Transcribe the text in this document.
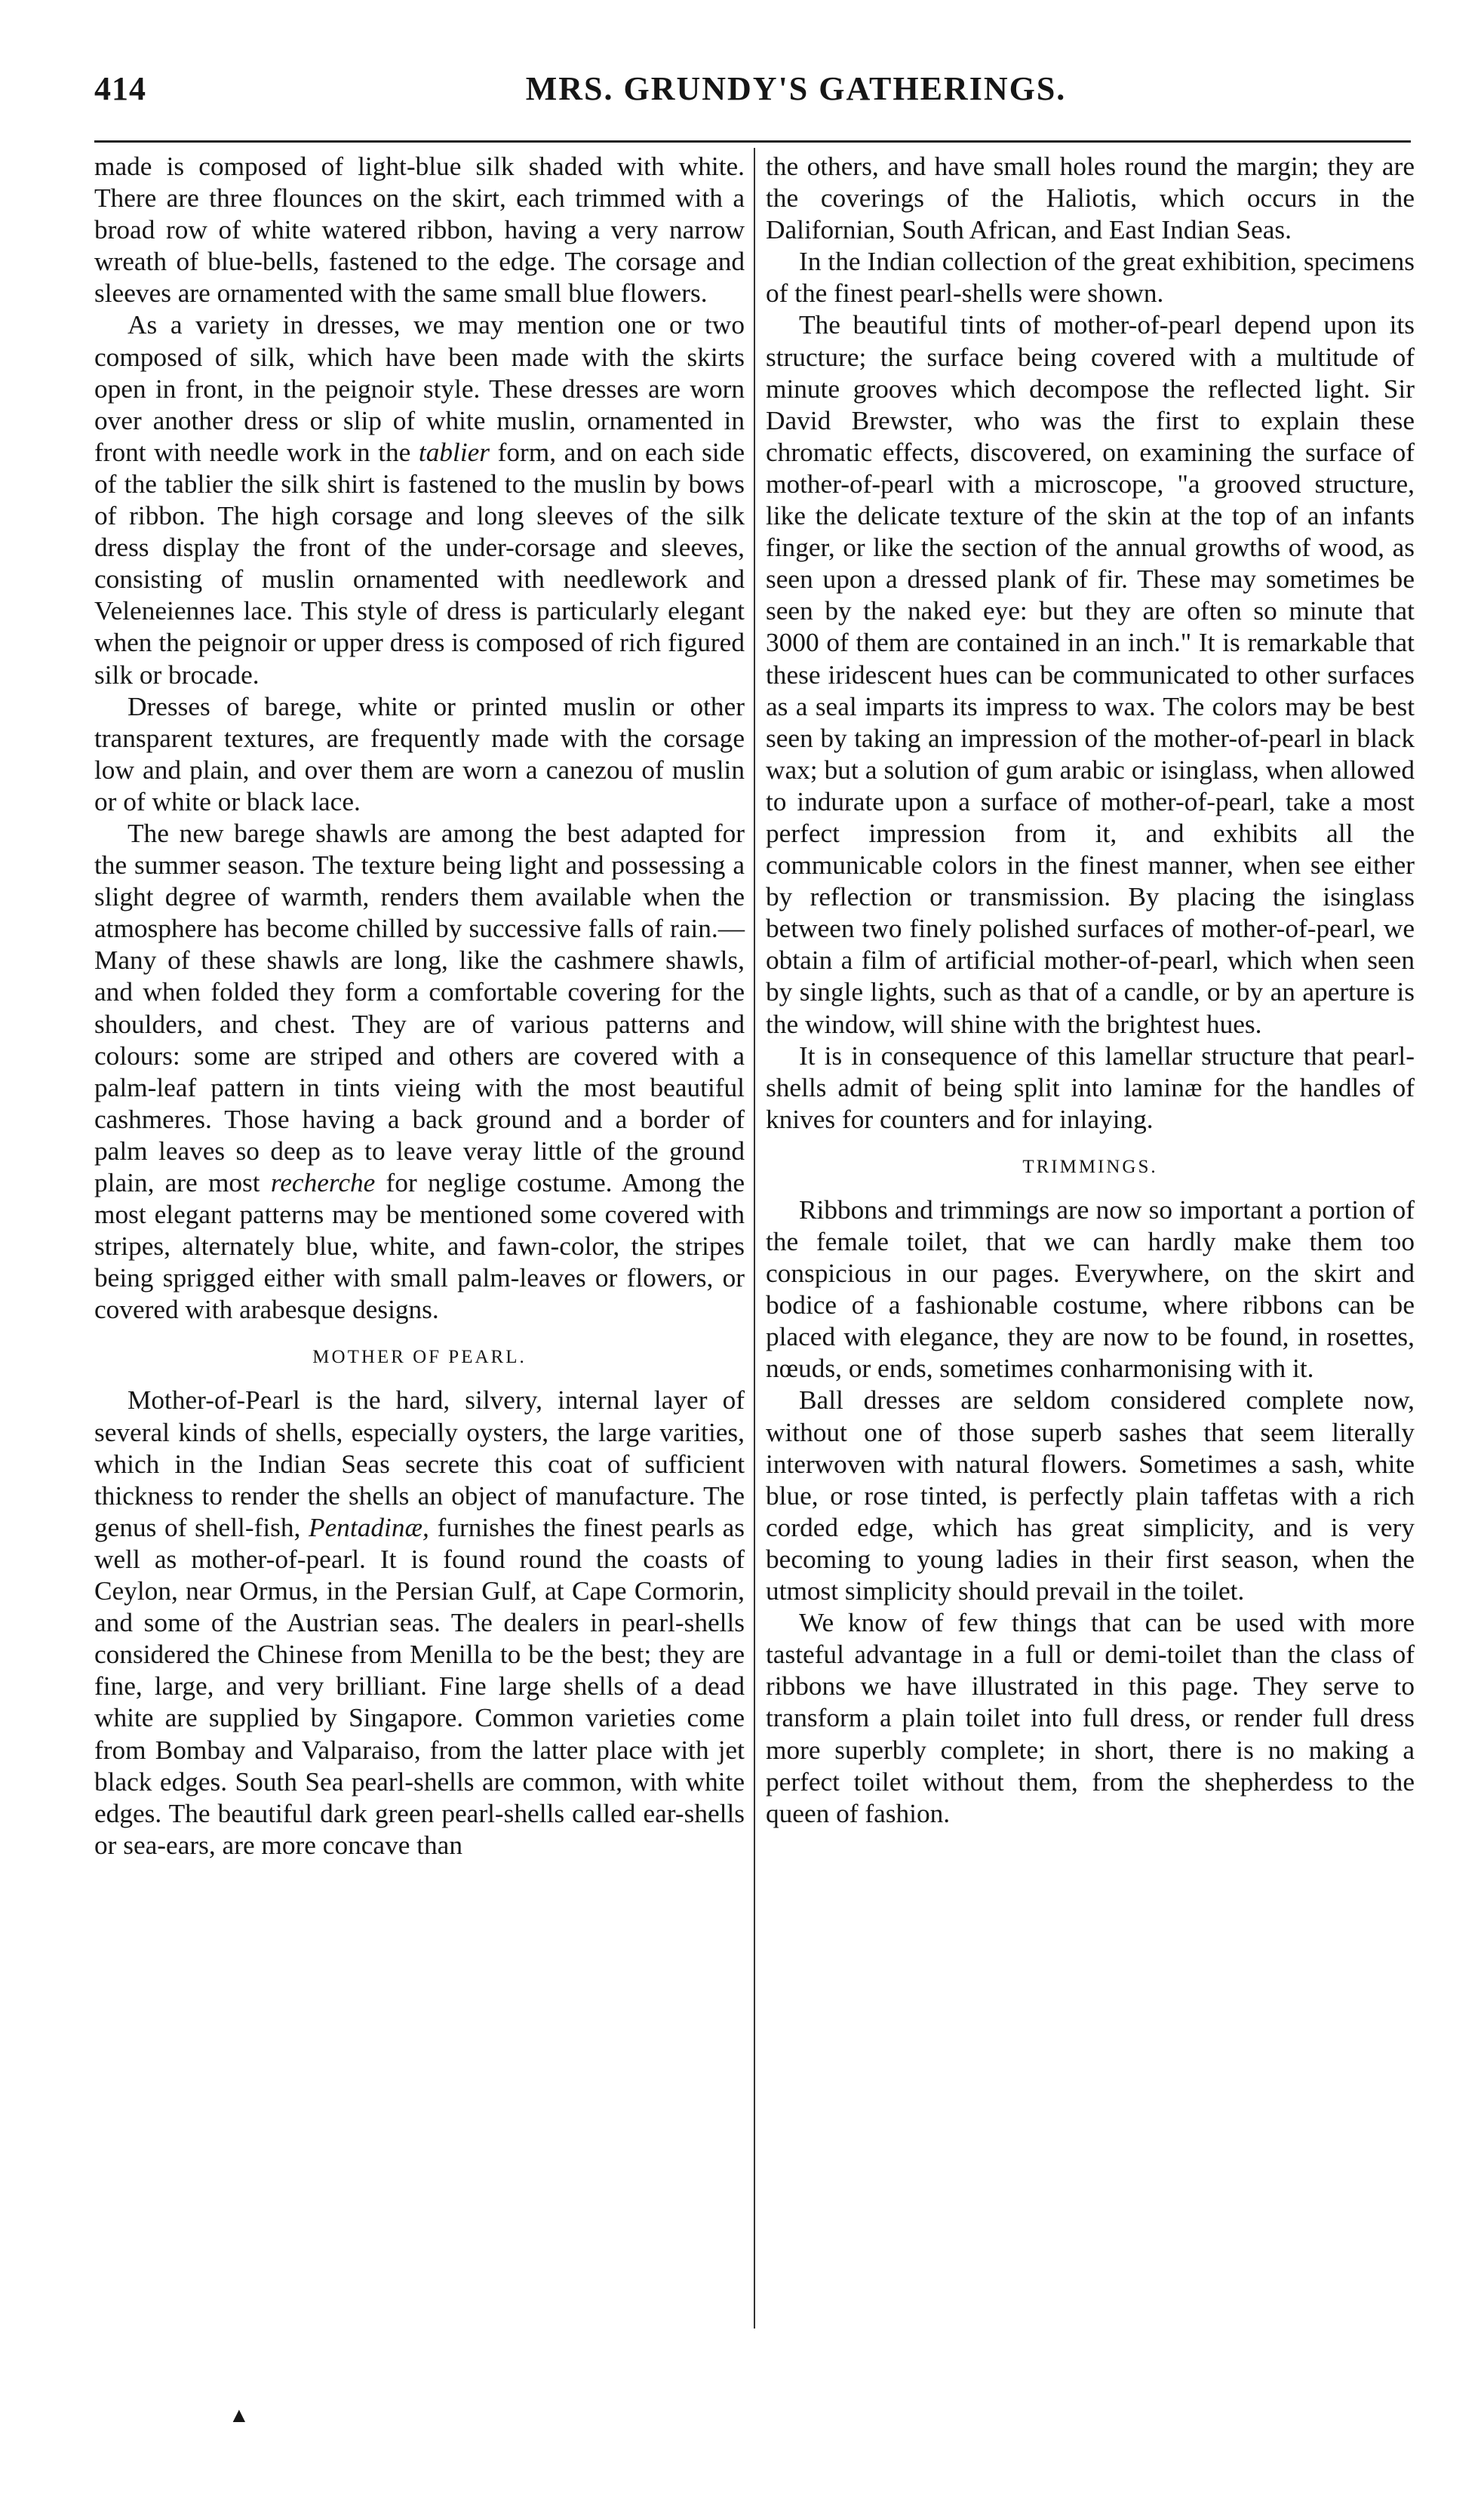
414	MRS. GRUNDY'S GATHERINGS.

made is composed of light-blue silk shaded with white. There are three flounces on the skirt, each trimmed with a broad row of white watered ribbon, having a very narrow wreath of blue-bells, fastened to the edge. The corsage and sleeves are ornamented with the same small blue flowers.

As a variety in dresses, we may mention one or two composed of silk, which have been made with the skirts open in front, in the peignoir style. These dresses are worn over another dress or slip of white muslin, ornamented in front with needle work in the tablier form, and on each side of the tablier the silk shirt is fastened to the muslin by bows of ribbon. The high corsage and long sleeves of the silk dress display the front of the under-corsage and sleeves, consisting of muslin ornamented with needlework and Veleneiennes lace. This style of dress is particularly elegant when the peignoir or upper dress is composed of rich figured silk or brocade.

Dresses of barege, white or printed muslin or other transparent textures, are frequently made with the corsage low and plain, and over them are worn a canezou of muslin or of white or black lace.

The new barege shawls are among the best adapted for the summer season. The texture being light and possessing a slight degree of warmth, renders them available when the atmosphere has become chilled by successive falls of rain.—Many of these shawls are long, like the cashmere shawls, and when folded they form a comfortable covering for the shoulders, and chest. They are of various patterns and colours: some are striped and others are covered with a palm-leaf pattern in tints vieing with the most beautiful cashmeres. Those having a back ground and a border of palm leaves so deep as to leave veray little of the ground plain, are most recherche for neglige costume. Among the most elegant patterns may be mentioned some covered with stripes, alternately blue, white, and fawn-color, the stripes being sprigged either with small palm-leaves or flowers, or covered with arabesque designs.

MOTHER OF PEARL.

Mother-of-Pearl is the hard, silvery, internal layer of several kinds of shells, especially oysters, the large varities, which in the Indian Seas secrete this coat of sufficient thickness to render the shells an object of manufacture. The genus of shell-fish, Pentadinæ, furnishes the finest pearls as well as mother-of-pearl. It is found round the coasts of Ceylon, near Ormus, in the Persian Gulf, at Cape Cormorin, and some of the Austrian seas. The dealers in pearl-shells considered the Chinese from Menilla to be the best; they are fine, large, and very brilliant. Fine large shells of a dead white are supplied by Singapore. Common varieties come from Bombay and Valparaiso, from the latter place with jet black edges. South Sea pearl-shells are common, with white edges. The beautiful dark green pearl-shells called ear-shells or sea-ears, are more concave than

the others, and have small holes round the margin; they are the coverings of the Haliotis, which occurs in the Dalifornian, South African, and East Indian Seas.

In the Indian collection of the great exhibition, specimens of the finest pearl-shells were shown.

The beautiful tints of mother-of-pearl depend upon its structure; the surface being covered with a multitude of minute grooves which decompose the reflected light. Sir David Brewster, who was the first to explain these chromatic effects, discovered, on examining the surface of mother-of-pearl with a microscope, "a grooved structure, like the delicate texture of the skin at the top of an infants finger, or like the section of the annual growths of wood, as seen upon a dressed plank of fir. These may sometimes be seen by the naked eye: but they are often so minute that 3000 of them are contained in an inch." It is remarkable that these iridescent hues can be communicated to other surfaces as a seal imparts its impress to wax. The colors may be best seen by taking an impression of the mother-of-pearl in black wax; but a solution of gum arabic or isinglass, when allowed to indurate upon a surface of mother-of-pearl, take a most perfect impression from it, and exhibits all the communicable colors in the finest manner, when see either by reflection or transmission. By placing the isinglass between two finely polished surfaces of mother-of-pearl, we obtain a film of artificial mother-of-pearl, which when seen by single lights, such as that of a candle, or by an aperture is the window, will shine with the brightest hues.

It is in consequence of this lamellar structure that pearl-shells admit of being split into laminæ for the handles of knives for counters and for inlaying.

TRIMMINGS.

Ribbons and trimmings are now so important a portion of the female toilet, that we can hardly make them too conspicious in our pages. Everywhere, on the skirt and bodice of a fashionable costume, where ribbons can be placed with elegance, they are now to be found, in rosettes, nœuds, or ends, sometimes conharmonising with it.

Ball dresses are seldom considered complete now, without one of those superb sashes that seem literally interwoven with natural flowers. Sometimes a sash, white blue, or rose tinted, is perfectly plain taffetas with a rich corded edge, which has great simplicity, and is very becoming to young ladies in their first season, when the utmost simplicity should prevail in the toilet.

We know of few things that can be used with more tasteful advantage in a full or demi-toilet than the class of ribbons we have illustrated in this page. They serve to transform a plain toilet into full dress, or render full dress more superbly complete; in short, there is no making a perfect toilet without them, from the shepherdess to the queen of fashion.

▲
